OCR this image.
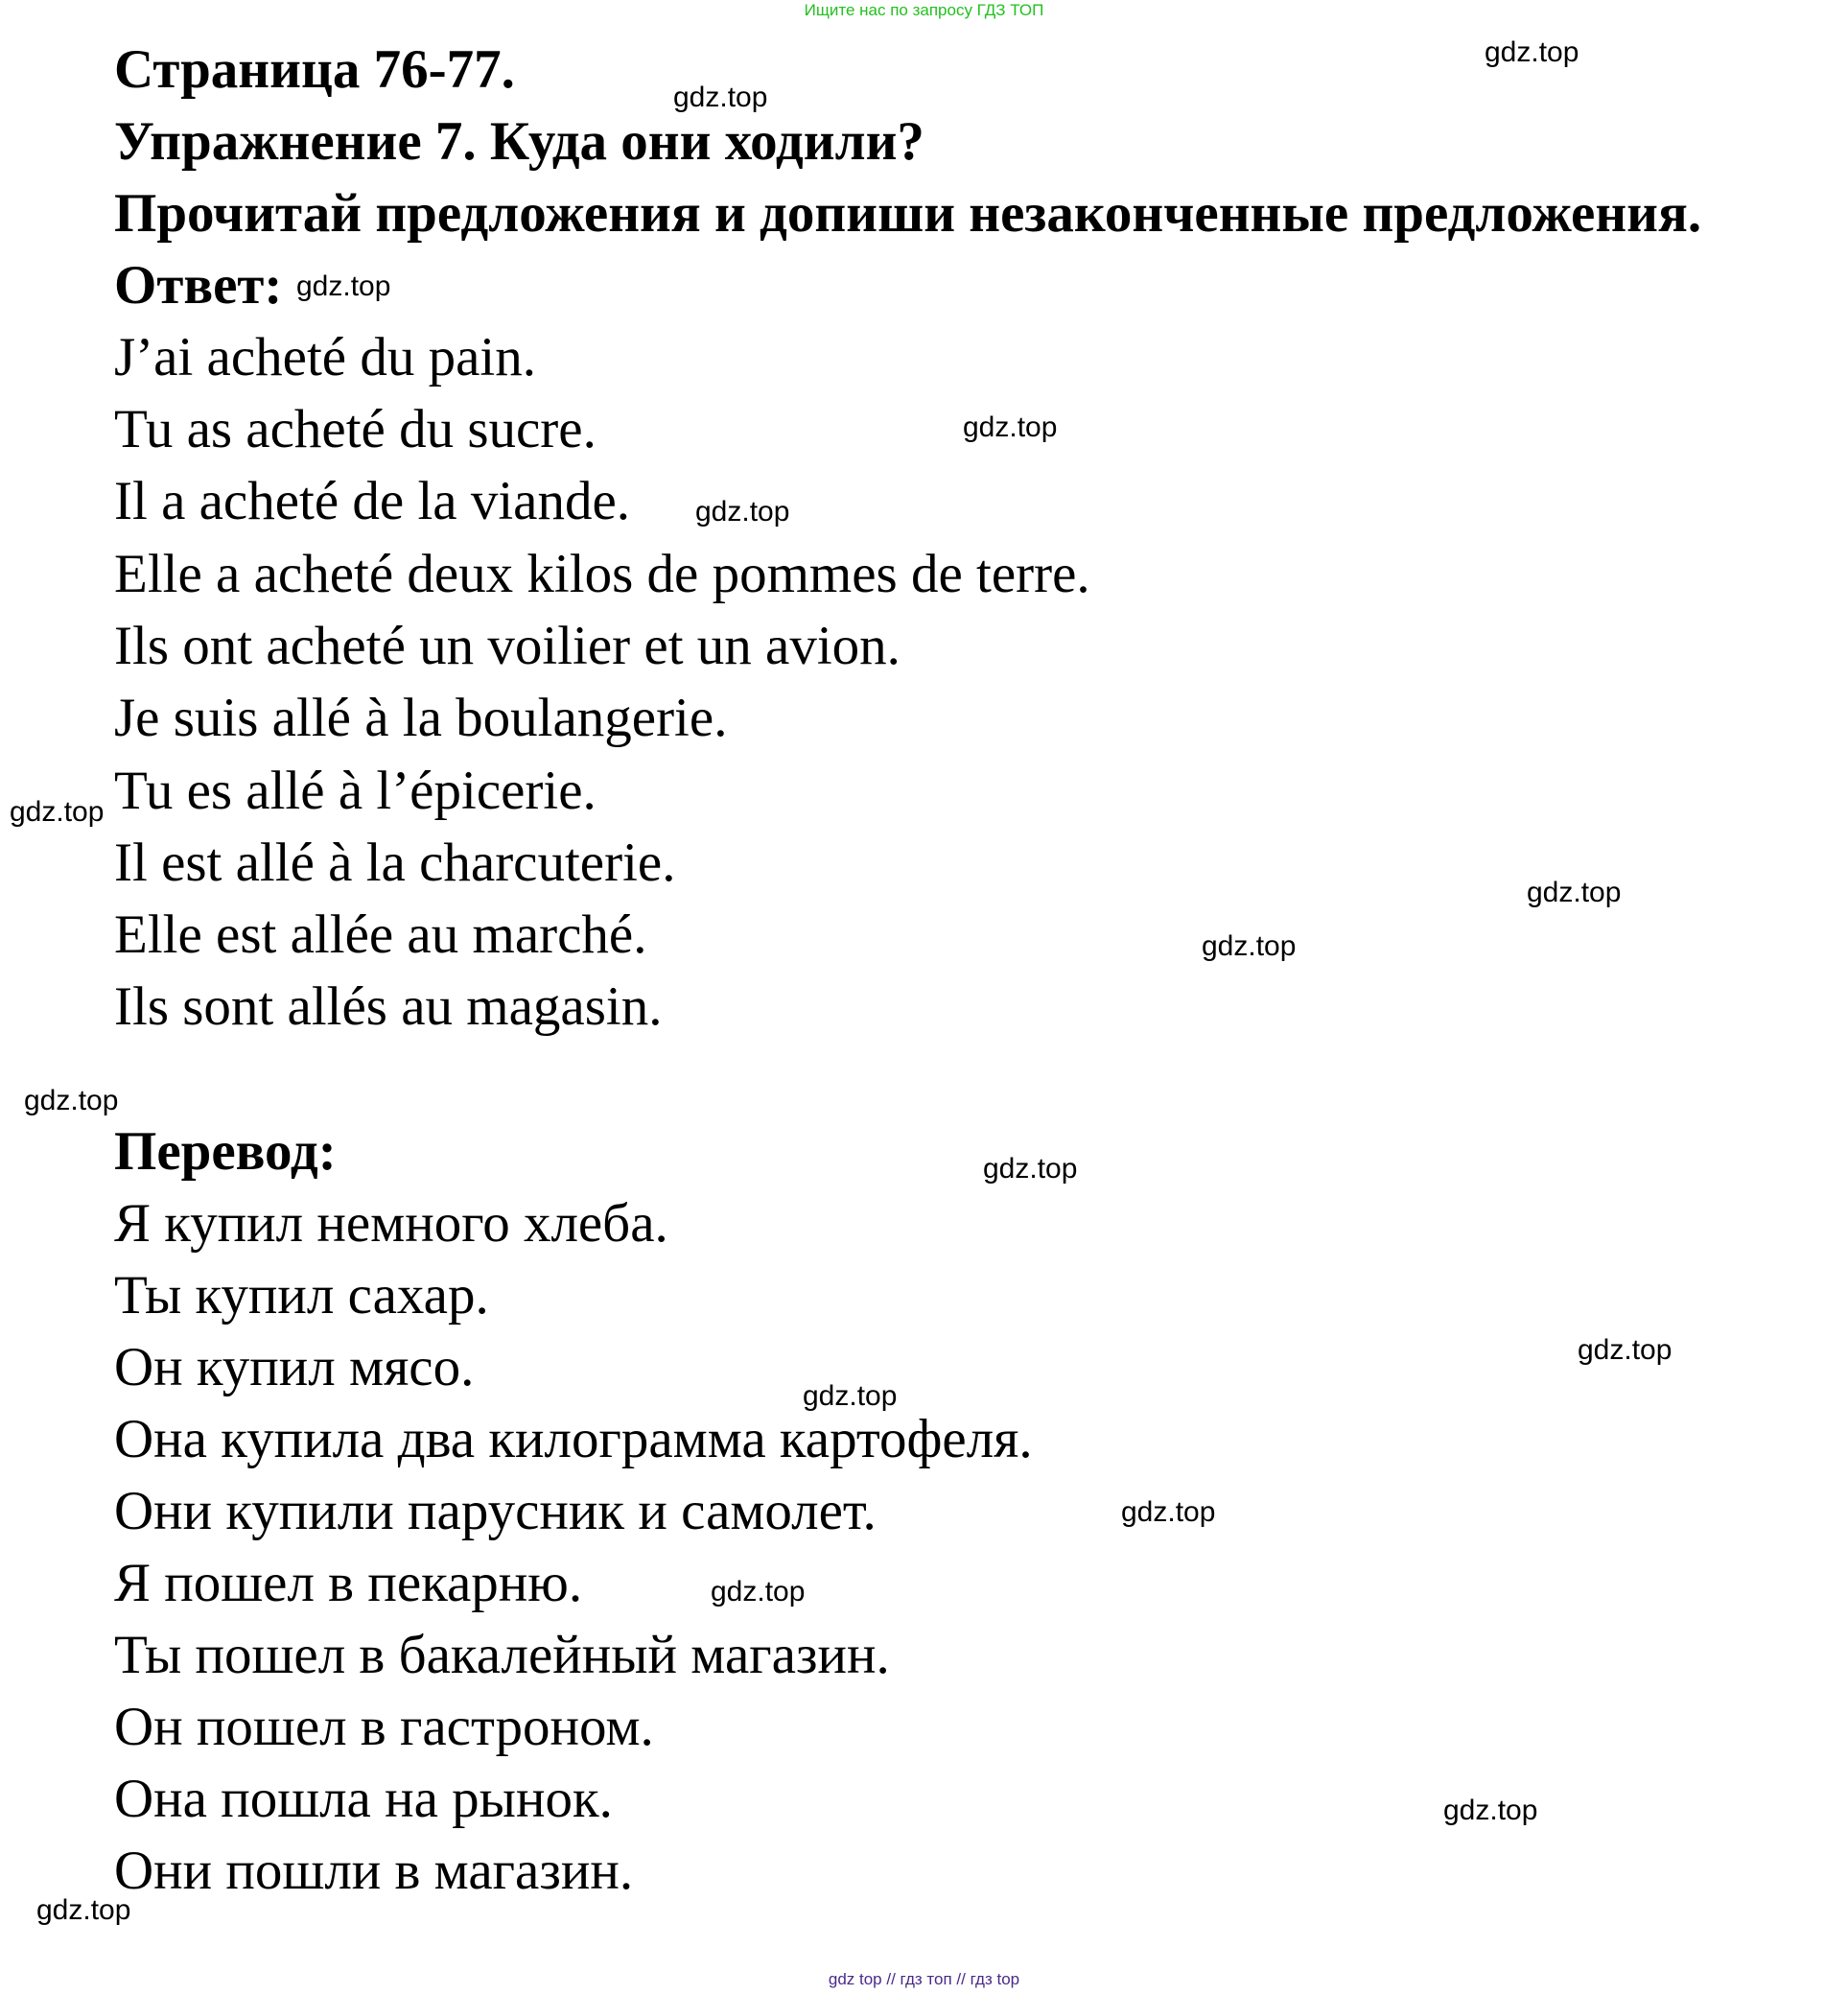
Ищите нас по запросу ГДЗ ТОП
Страница 76-77.
Упражнение 7. Куда они ходили?
Прочитай предложения и допиши незаконченные предложения.
Ответ:
J’ai acheté du pain.
Tu as acheté du sucre.
Il a acheté de la viande.
Elle a acheté deux kilos de pommes de terre.
Ils ont acheté un voilier et un avion.
Je suis allé à la boulangerie.
Tu es allé à l’épicerie.
Il est allé à la charcuterie.
Elle est allée au marché.
Ils sont allés au magasin.
Перевод:
Я купил немного хлеба.
Ты купил сахар.
Он купил мясо.
Она купила два килограмма картофеля.
Они купили парусник и самолет.
Я пошел в пекарню.
Ты пошел в бакалейный магазин.
Он пошел в гастроном.
Она пошла на рынок.
Они пошли в магазин.
gdz.top
gdz.top
gdz.top
gdz.top
gdz.top
gdz.top
gdz.top
gdz.top
gdz.top
gdz.top
gdz.top
gdz.top
gdz.top
gdz.top
gdz.top
gdz.top
gdz top // гдз топ // гдз top
